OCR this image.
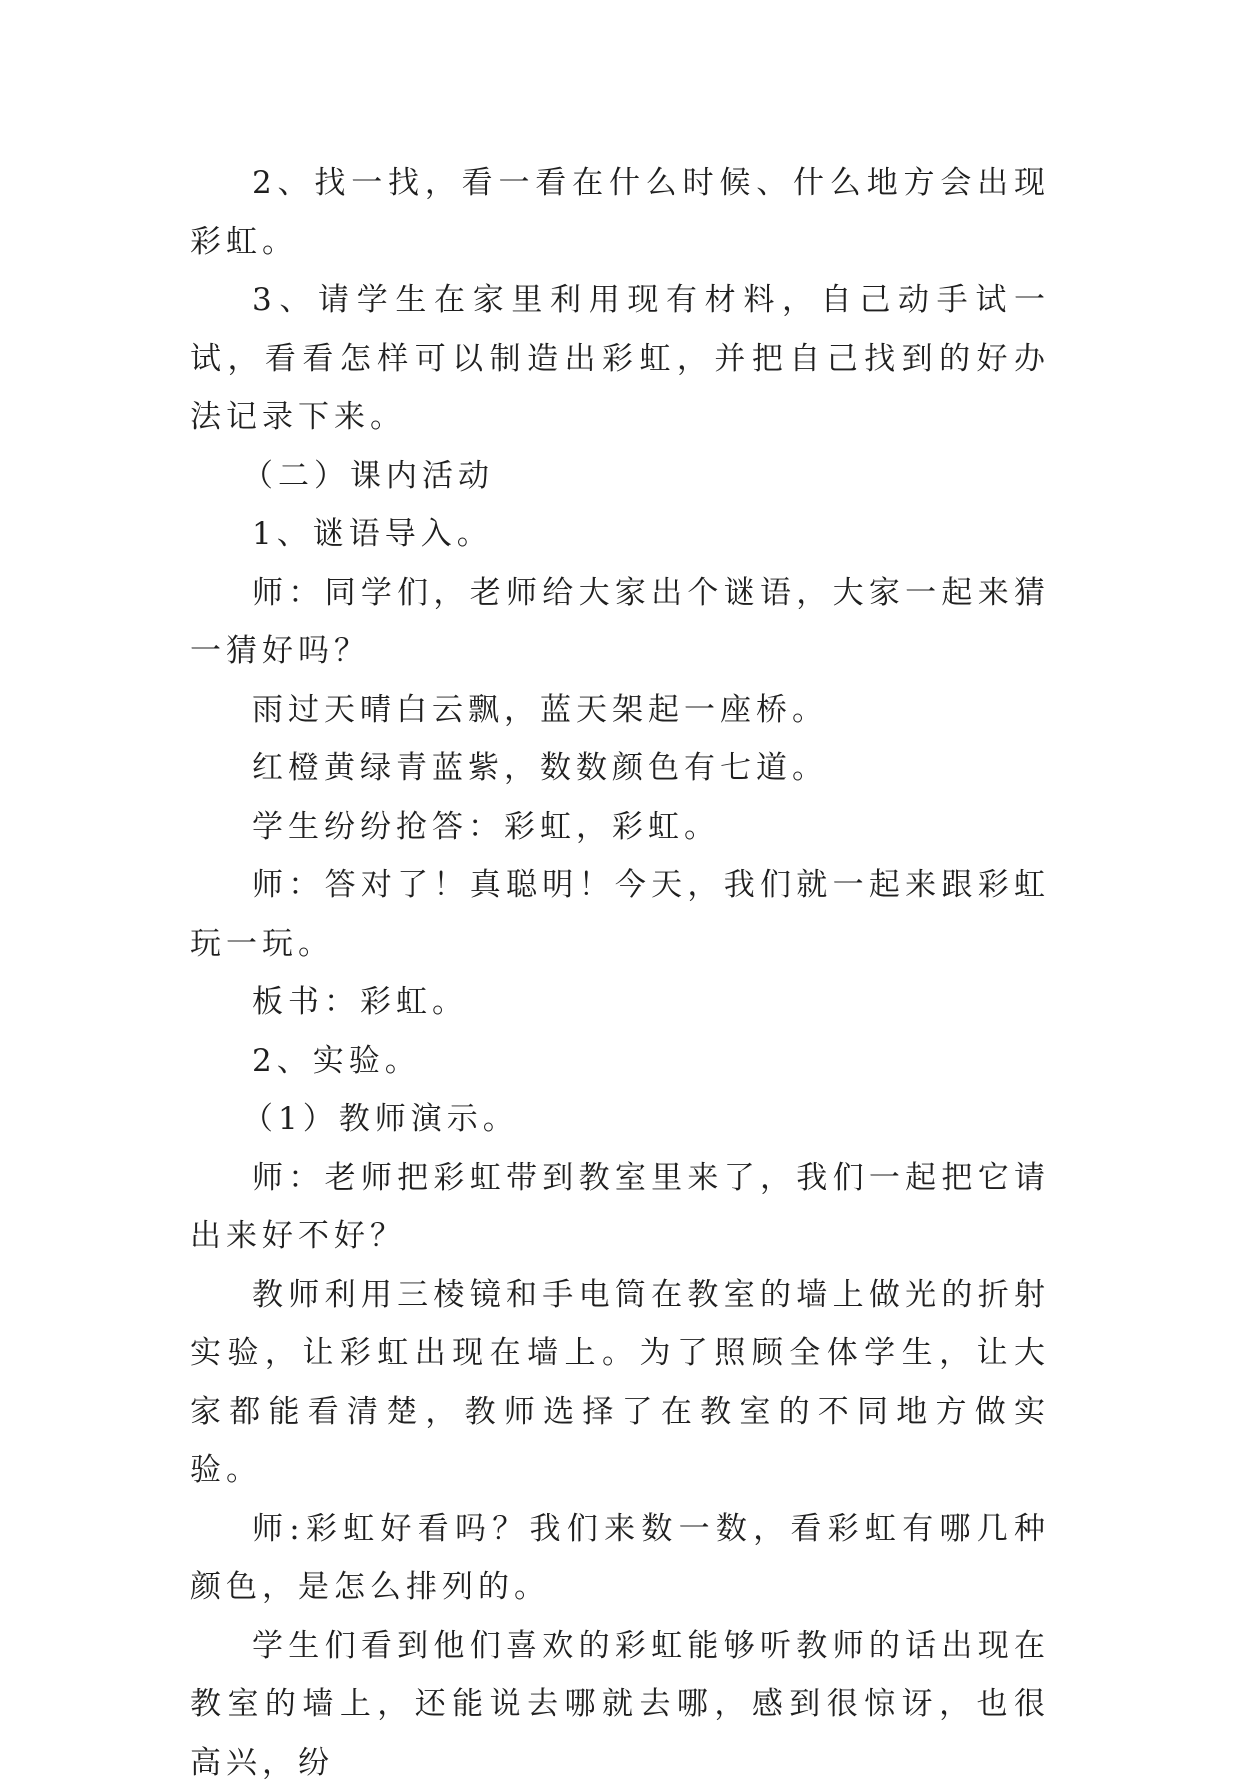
2、找一找，看一看在什么时候、什么地方会出现彩虹。

3、请学生在家里利用现有材料，自己动手试一试，看看怎样可以制造出彩虹，并把自己找到的好办法记录下来。

（二）课内活动

1、谜语导入。

师：同学们，老师给大家出个谜语，大家一起来猜一猜好吗？

雨过天晴白云飘，蓝天架起一座桥。

红橙黄绿青蓝紫，数数颜色有七道。

学生纷纷抢答：彩虹，彩虹。

师：答对了！真聪明！今天，我们就一起来跟彩虹玩一玩。

板书：彩虹。

2、实验。

（1）教师演示。

师：老师把彩虹带到教室里来了，我们一起把它请出来好不好？

教师利用三棱镜和手电筒在教室的墙上做光的折射实验，让彩虹出现在墙上。为了照顾全体学生，让大家都能看清楚，教师选择了在教室的不同地方做实验。

师:彩虹好看吗？我们来数一数，看彩虹有哪几种颜色，是怎么排列的。

学生们看到他们喜欢的彩虹能够听教师的话出现在教室的墙上，还能说去哪就去哪，感到很惊讶，也很高兴，纷
